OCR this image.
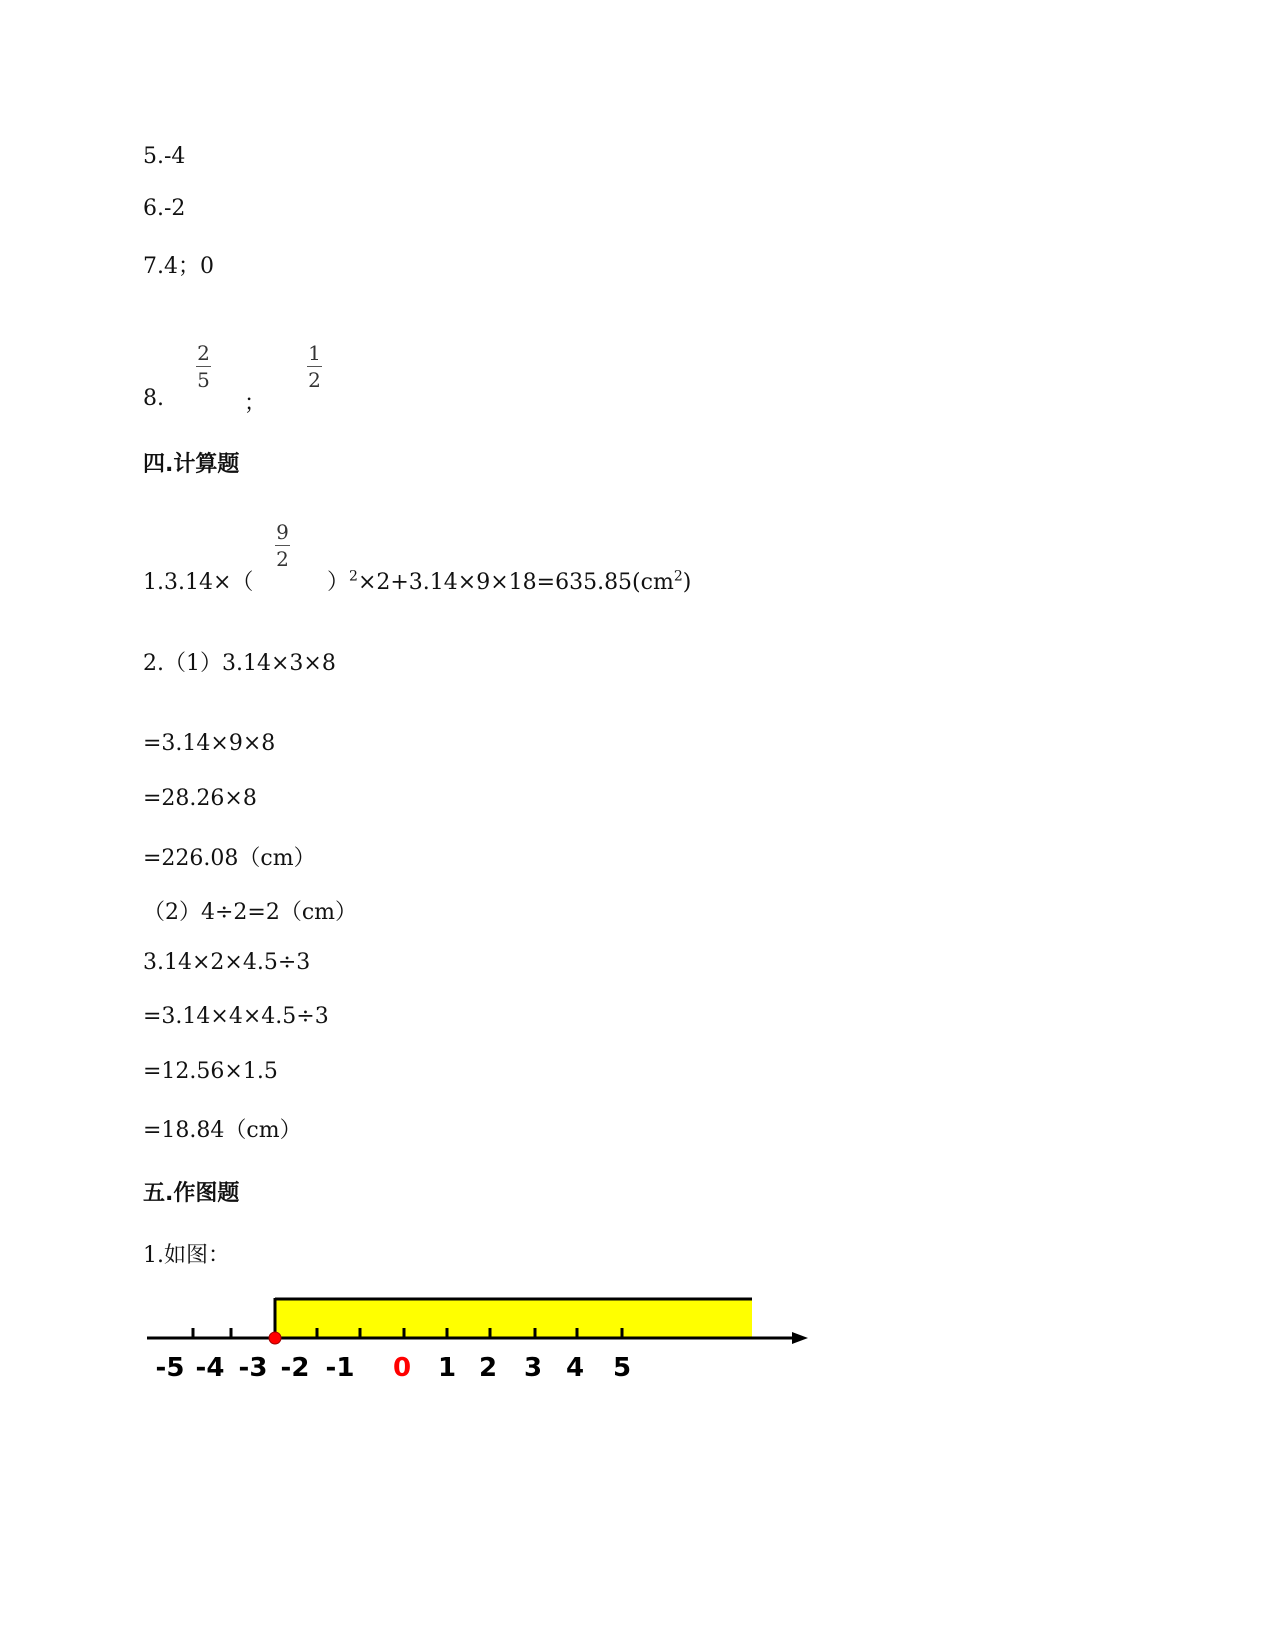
5.-4
6.-2
7.4；0
8.
2
5
；
1
2
四.计算题
1.3.14×（
9
2
）$^2\times 2+3.14\times 9\times 18=635.85(cm^2)$
2.（1）3.14×3×8
=3.14×9×8
=28.26×8
=226.08（cm）
（2）4÷2=2（cm）
3.14×2×4.5÷3
=3.14×4×4.5÷3
=12.56×1.5
=18.84（cm）
五.作图题
1.如图：
-5 -4 -3 -2 -1 0 1 2 3 4 5
